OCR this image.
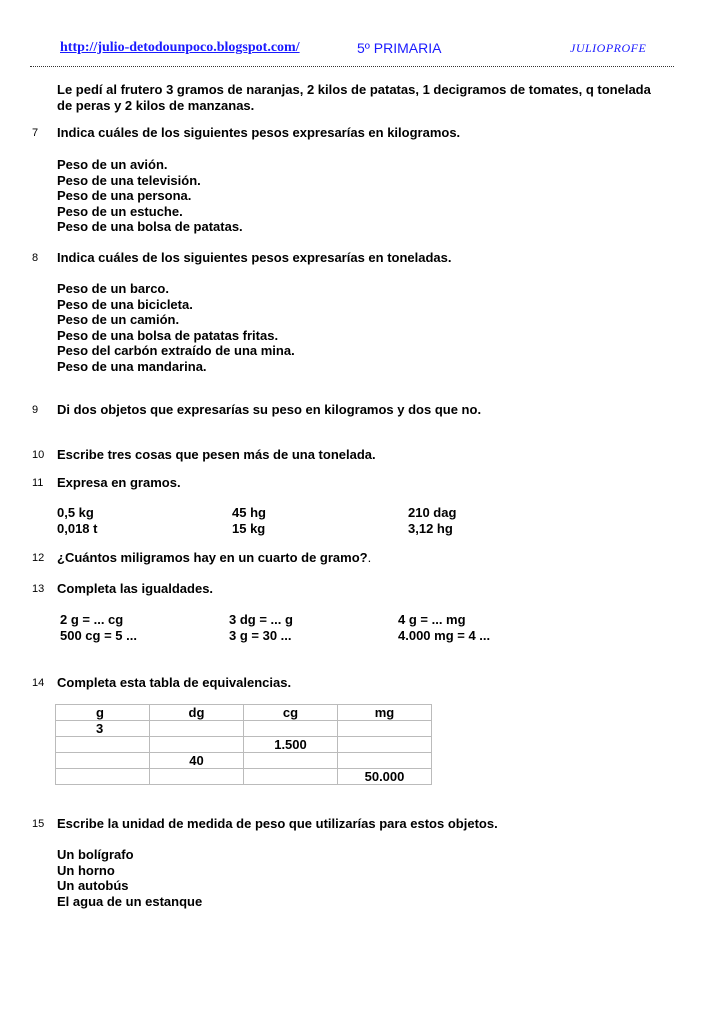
http://julio-detodounpoco.blogspot.com/	5º PRIMARIA	JULIOPROFE
Le pedí al frutero 3 gramos de naranjas, 2 kilos de patatas, 1 decigramos de tomates, q tonelada
de peras y 2 kilos de manzanas.
7 Indica cuáles de los siguientes pesos expresarías en kilogramos.
Peso de un avión.
Peso de una televisión.
Peso de una persona.
Peso de un estuche.
Peso de una bolsa de patatas.
8 Indica cuáles de los siguientes pesos expresarías en toneladas.
Peso de un barco.
Peso de una bicicleta.
Peso de un camión.
Peso de una bolsa de patatas fritas.
Peso del carbón extraído de una mina.
Peso de una mandarina.
9 Di dos objetos que expresarías su peso en kilogramos y dos que no.
10 Escribe tres cosas que pesen más de una tonelada.
11 Expresa en gramos.
0,5 kg	45 hg	210 dag
0,018 t	15 kg	3,12 hg
12 ¿Cuántos miligramos hay en un cuarto de gramo?.
13 Completa las igualdades.
2 g = ... cg	3 dg = ... g	4 g = ... mg
500 cg = 5 ...	3 g = 30 ...	4.000 mg = 4 ...
14 Completa esta tabla de equivalencias.
g	dg	cg	mg
3			
		1.500	
	40		
			50.000
15 Escribe la unidad de medida de peso que utilizarías para estos objetos.
Un bolígrafo
Un horno
Un autobús
El agua de un estanque
